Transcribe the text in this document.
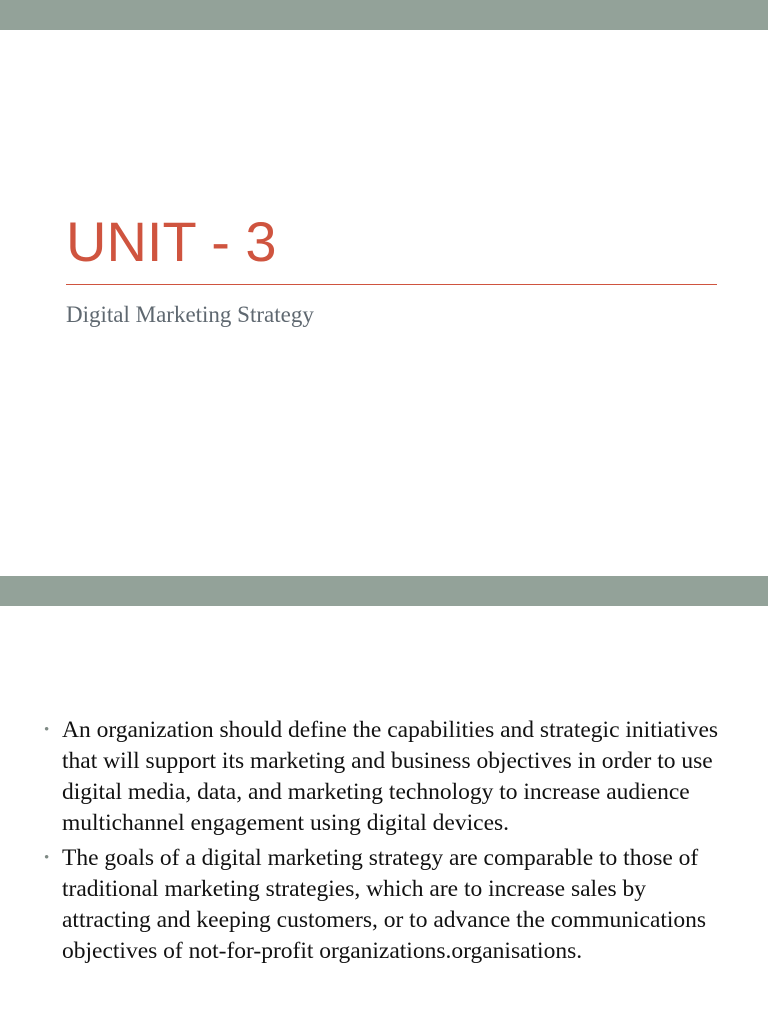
UNIT - 3

Digital Marketing Strategy

• An organization should define the capabilities and strategic initiatives that will support its marketing and business objectives in order to use digital media, data, and marketing technology to increase audience multichannel engagement using digital devices.
• The goals of a digital marketing strategy are comparable to those of traditional marketing strategies, which are to increase sales by attracting and keeping customers, or to advance the communications objectives of not-for-profit organizations.organisations.
